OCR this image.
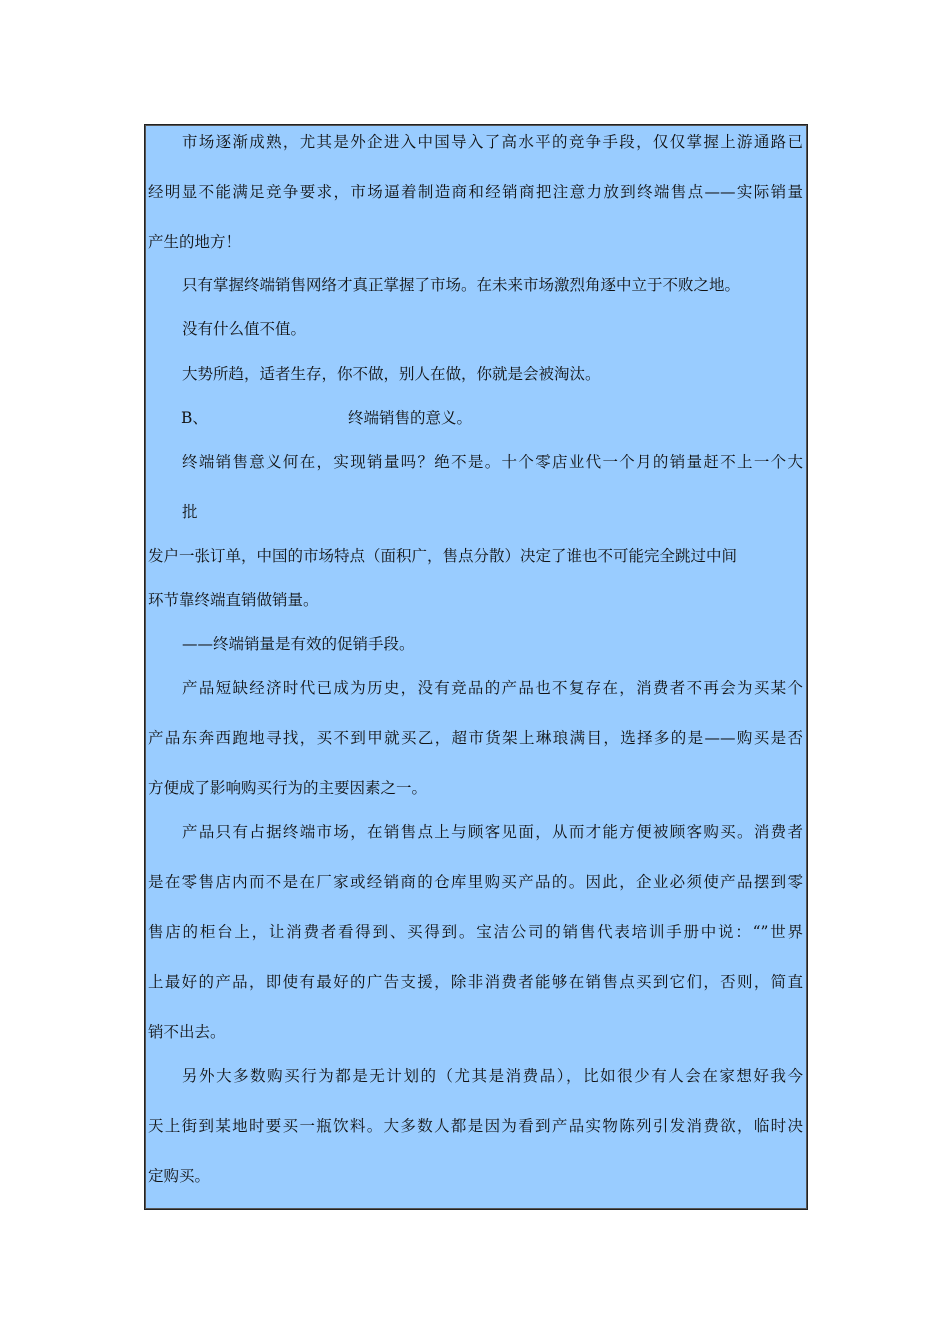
市场逐渐成熟，尤其是外企进入中国导入了高水平的竞争手段，仅仅掌握上游通路已
经明显不能满足竞争要求，市场逼着制造商和经销商把注意力放到终端售点——实际销量
产生的地方！
只有掌握终端销售网络才真正掌握了市场。在未来市场激烈角逐中立于不败之地。
没有什么值不值。
大势所趋，适者生存，你不做，别人在做，你就是会被淘汰。
B、	终端销售的意义。
终端销售意义何在，实现销量吗？绝不是。十个零店业代一个月的销量赶不上一个大
批
发户一张订单，中国的市场特点（面积广，售点分散）决定了谁也不可能完全跳过中间
环节靠终端直销做销量。
——终端销量是有效的促销手段。
产品短缺经济时代已成为历史，没有竞品的产品也不复存在，消费者不再会为买某个
产品东奔西跑地寻找，买不到甲就买乙，超市货架上琳琅满目，选择多的是——购买是否
方便成了影响购买行为的主要因素之一。
产品只有占据终端市场，在销售点上与顾客见面，从而才能方便被顾客购买。消费者
是在零售店内而不是在厂家或经销商的仓库里购买产品的。因此，企业必须使产品摆到零
售店的柜台上，让消费者看得到、买得到。宝洁公司的销售代表培训手册中说：“”世界
上最好的产品，即使有最好的广告支援，除非消费者能够在销售点买到它们，否则，简直
销不出去。
另外大多数购买行为都是无计划的（尤其是消费品），比如很少有人会在家想好我今
天上街到某地时要买一瓶饮料。大多数人都是因为看到产品实物陈列引发消费欲，临时决
定购买。
